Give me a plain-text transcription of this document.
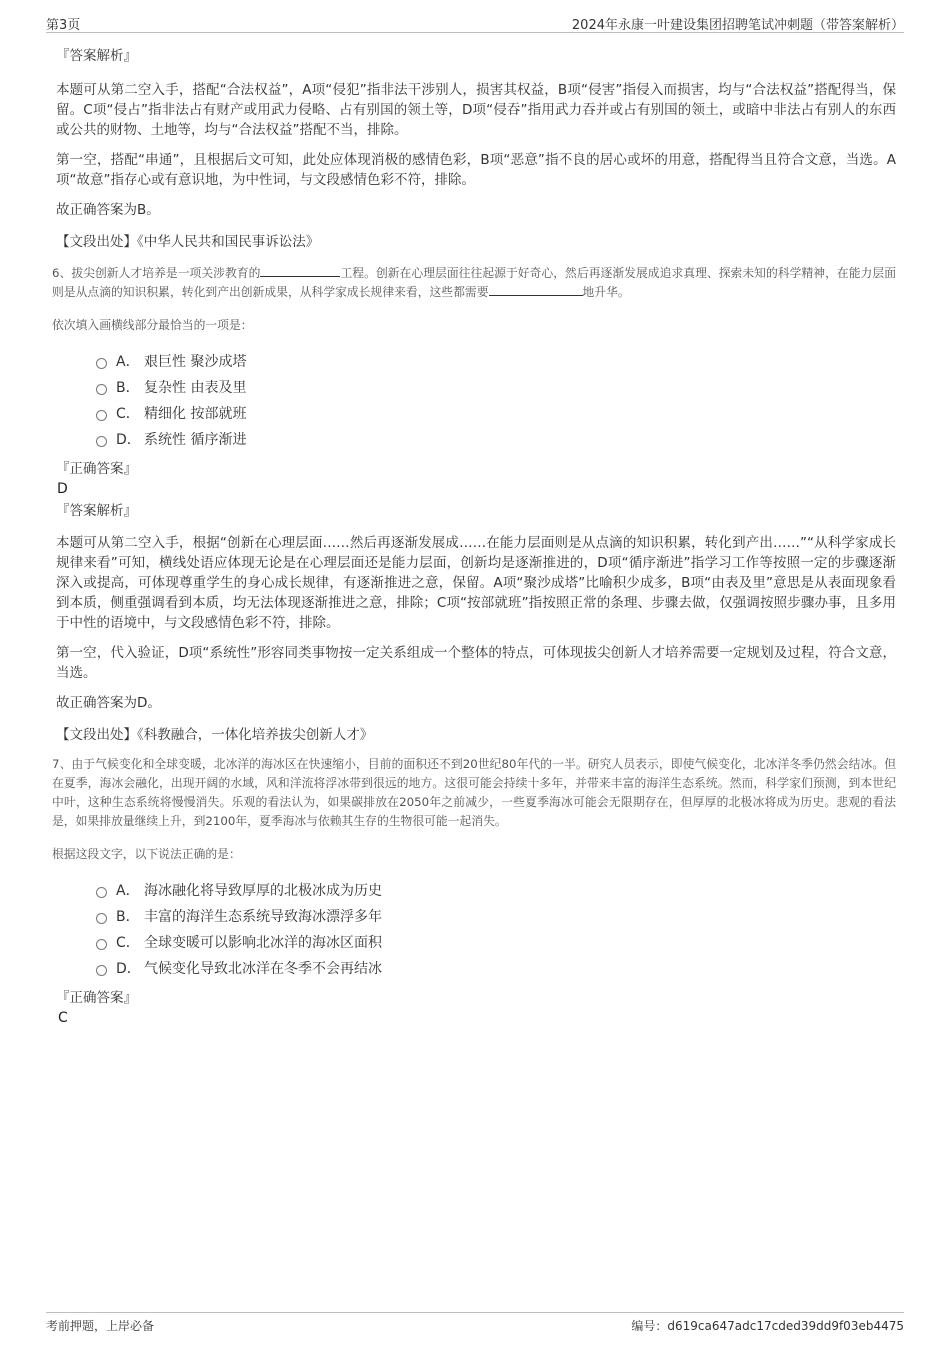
第3页	2024年永康一叶建设集团招聘笔试冲刺题（带答案解析）

『答案解析』

本题可从第二空入手，搭配“合法权益”，A项“侵犯”指非法干涉别人，损害其权益，B项“侵害”指侵入而损害，均与“合法权益”搭配得当，保留。C项“侵占”指非法占有财产或用武力侵略、占有别国的领土等，D项“侵吞”指用武力吞并或占有别国的领土，或暗中非法占有别人的东西或公共的财物、土地等，均与“合法权益”搭配不当，排除。

第一空，搭配“串通”，且根据后文可知，此处应体现消极的感情色彩，B项“恶意”指不良的居心或坏的用意，搭配得当且符合文意，当选。A项“故意”指存心或有意识地，为中性词，与文段感情色彩不符，排除。

故正确答案为B。

【文段出处】《中华人民共和国民事诉讼法》

6、拔尖创新人才培养是一项关涉教育的	工程。创新在心理层面往往起源于好奇心，然后再逐渐发展成追求真理、探索未知的科学精神，在能力层面则是从点滴的知识积累，转化到产出创新成果，从科学家成长规律来看，这些都需要	地升华。

依次填入画横线部分最恰当的一项是：

A． 艰巨性 聚沙成塔
B． 复杂性 由表及里
C． 精细化 按部就班
D． 系统性 循序渐进

『正确答案』

D

『答案解析』

本题可从第二空入手，根据“创新在心理层面……然后再逐渐发展成……在能力层面则是从点滴的知识积累，转化到产出……”“从科学家成长规律来看”可知，横线处语应体现无论是在心理层面还是能力层面，创新均是逐渐推进的，D项“循序渐进”指学习工作等按照一定的步骤逐渐深入或提高，可体现尊重学生的身心成长规律，有逐渐推进之意，保留。A项“聚沙成塔”比喻积少成多，B项“由表及里”意思是从表面现象看到本质，侧重强调看到本质，均无法体现逐渐推进之意，排除；C项“按部就班”指按照正常的条理、步骤去做，仅强调按照步骤办事，且多用于中性的语境中，与文段感情色彩不符，排除。

第一空，代入验证，D项“系统性”形容同类事物按一定关系组成一个整体的特点，可体现拔尖创新人才培养需要一定规划及过程，符合文意，当选。

故正确答案为D。

【文段出处】《科教融合，一体化培养拔尖创新人才》

7、由于气候变化和全球变暖，北冰洋的海冰区在快速缩小，目前的面积还不到20世纪80年代的一半。研究人员表示，即使气候变化，北冰洋冬季仍然会结冰。但在夏季，海冰会融化，出现开阔的水域，风和洋流将浮冰带到很远的地方。这很可能会持续十多年，并带来丰富的海洋生态系统。然而，科学家们预测，到本世纪中叶，这种生态系统将慢慢消失。乐观的看法认为，如果碳排放在2050年之前减少，一些夏季海冰可能会无限期存在，但厚厚的北极冰将成为历史。悲观的看法是，如果排放量继续上升，到2100年，夏季海冰与依赖其生存的生物很可能一起消失。

根据这段文字，以下说法正确的是：

A． 海冰融化将导致厚厚的北极冰成为历史
B． 丰富的海洋生态系统导致海冰漂浮多年
C． 全球变暖可以影响北冰洋的海冰区面积
D． 气候变化导致北冰洋在冬季不会再结冰

『正确答案』

C

考前押题，上岸必备	编号：d619ca647adc17cded39dd9f03eb4475
